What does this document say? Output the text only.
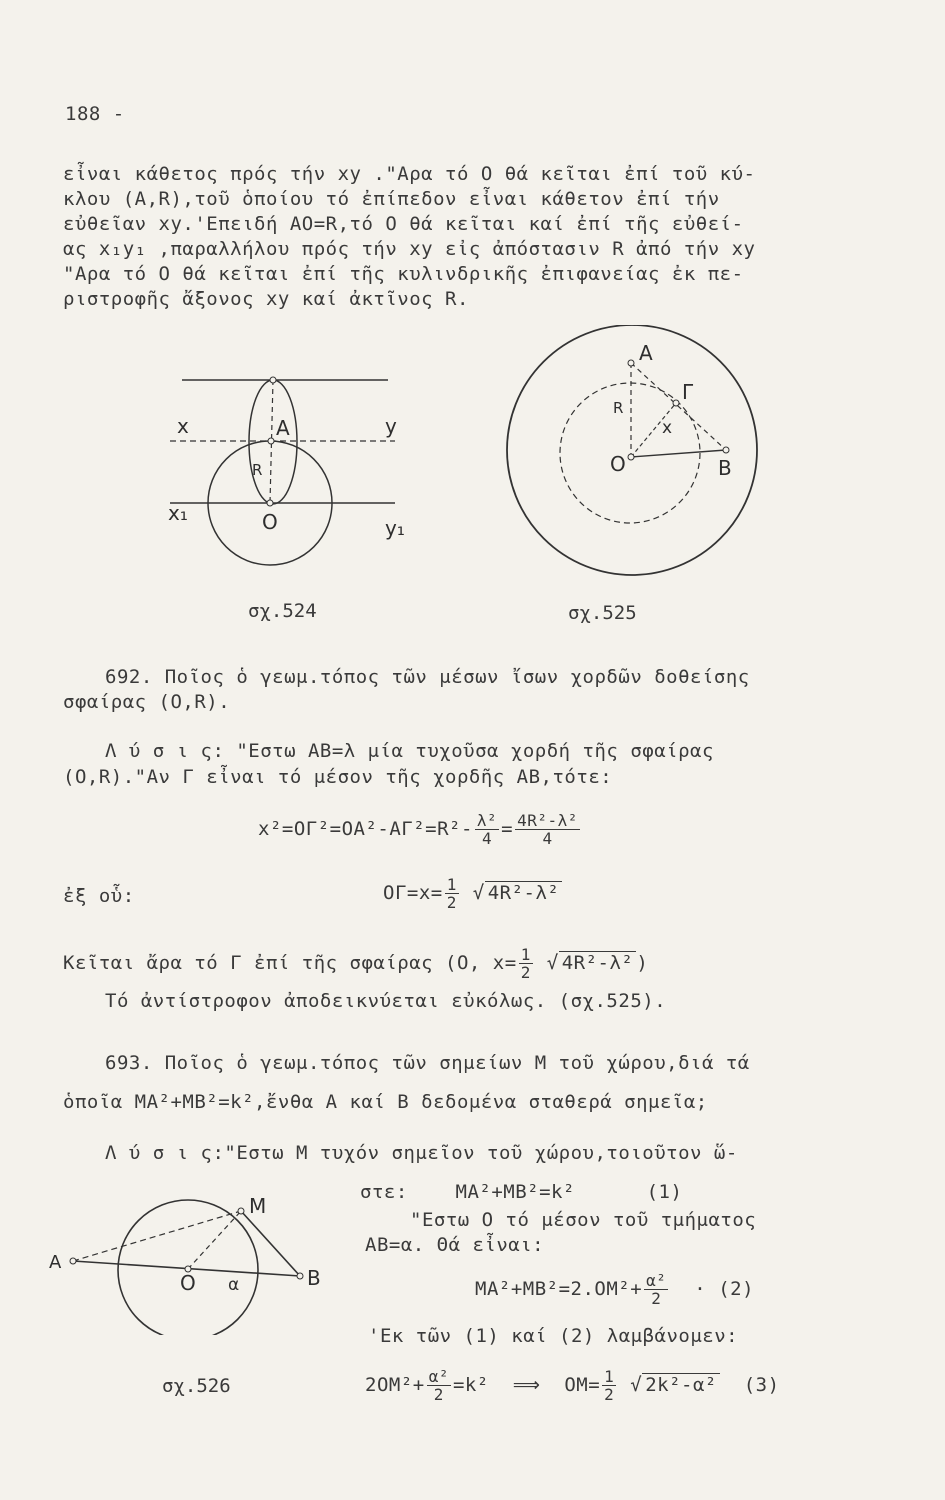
188 -
εἶναι κάθετος πρός τήν xy ."Αρα τό O θά κεῖται ἐπί τοῦ κύ-
κλου (A,R),τοῦ ὁποίου τό ἐπίπεδον εἶναι κάθετον ἐπί τήν
εὐθεῖαν xy.'Επειδή AO=R,τό O θά κεῖται καί ἐπί τῆς εὐθεί-
ας x₁y₁ ,παραλλήλου πρός τήν xy εἰς ἀπόστασιν R ἀπό τήν xy
"Αρα τό O θά κεῖται ἐπί τῆς κυλινδρικῆς ἐπιφανείας ἐκ πε-
ριστροφῆς ἄξονος xy καί ἀκτῖνος R.
x	y
A
R
O
x₁
y₁
σχ.524
A
Γ
R
x
O	B
σχ.525
692. Ποῖος ὁ γεωμ.τόπος τῶν μέσων ἴσων χορδῶν δοθείσης
σφαίρας (O,R).
Λ ύ σ ι ς: "Εστω AB=λ μία τυχοῦσα χορδή τῆς σφαίρας
(O,R)."Αν Γ εἶναι τό μέσον τῆς χορδῆς AB,τότε:
$x^2=O\Gamma^2=OA^2-A\Gamma^2=R^2- \frac{\text{λ²}}{4} = \frac{\text{4R²-λ²}}{4}$
ἐξ οὗ:	$O\Gamma=x= \frac{1}{2}$ √ 4R²-λ²
Κεῖται ἄρα τό Γ ἐπί τῆς σφαίρας (O, $x= \frac{1}{2}$ √ 4R²-λ² )
Τό ἀντίστροφον ἀποδεικνύεται εὐκόλως. (σχ.525).
693. Ποῖος ὁ γεωμ.τόπος τῶν σημείων M τοῦ χώρου,διά τά
ὁποῖα MA²+MB²=k²,ἔνθα A καί B δεδομένα σταθερά σημεῖα;
Λ ύ σ ι ς:"Εστω M τυχόν σημεῖον τοῦ χώρου,τοιοῦτον ὥ-
στε:	MA²+MB²=k²	(1)
"Εστω O τό μέσον τοῦ τμήματος
AB=α. Θά εἶναι:
$MA^2+MB^2=2.OM^2+ \frac{\text{α²}}{2} \cdot (2)$
'Εκ τῶν (1) καί (2) λαμβάνομεν:
$2OM^2+ \frac{\text{α²}}{2} =k^2$ ⟹ $OM= \frac{1}{2}$ √ 2k²-α² (3)
A
M
O α	B
σχ.526
